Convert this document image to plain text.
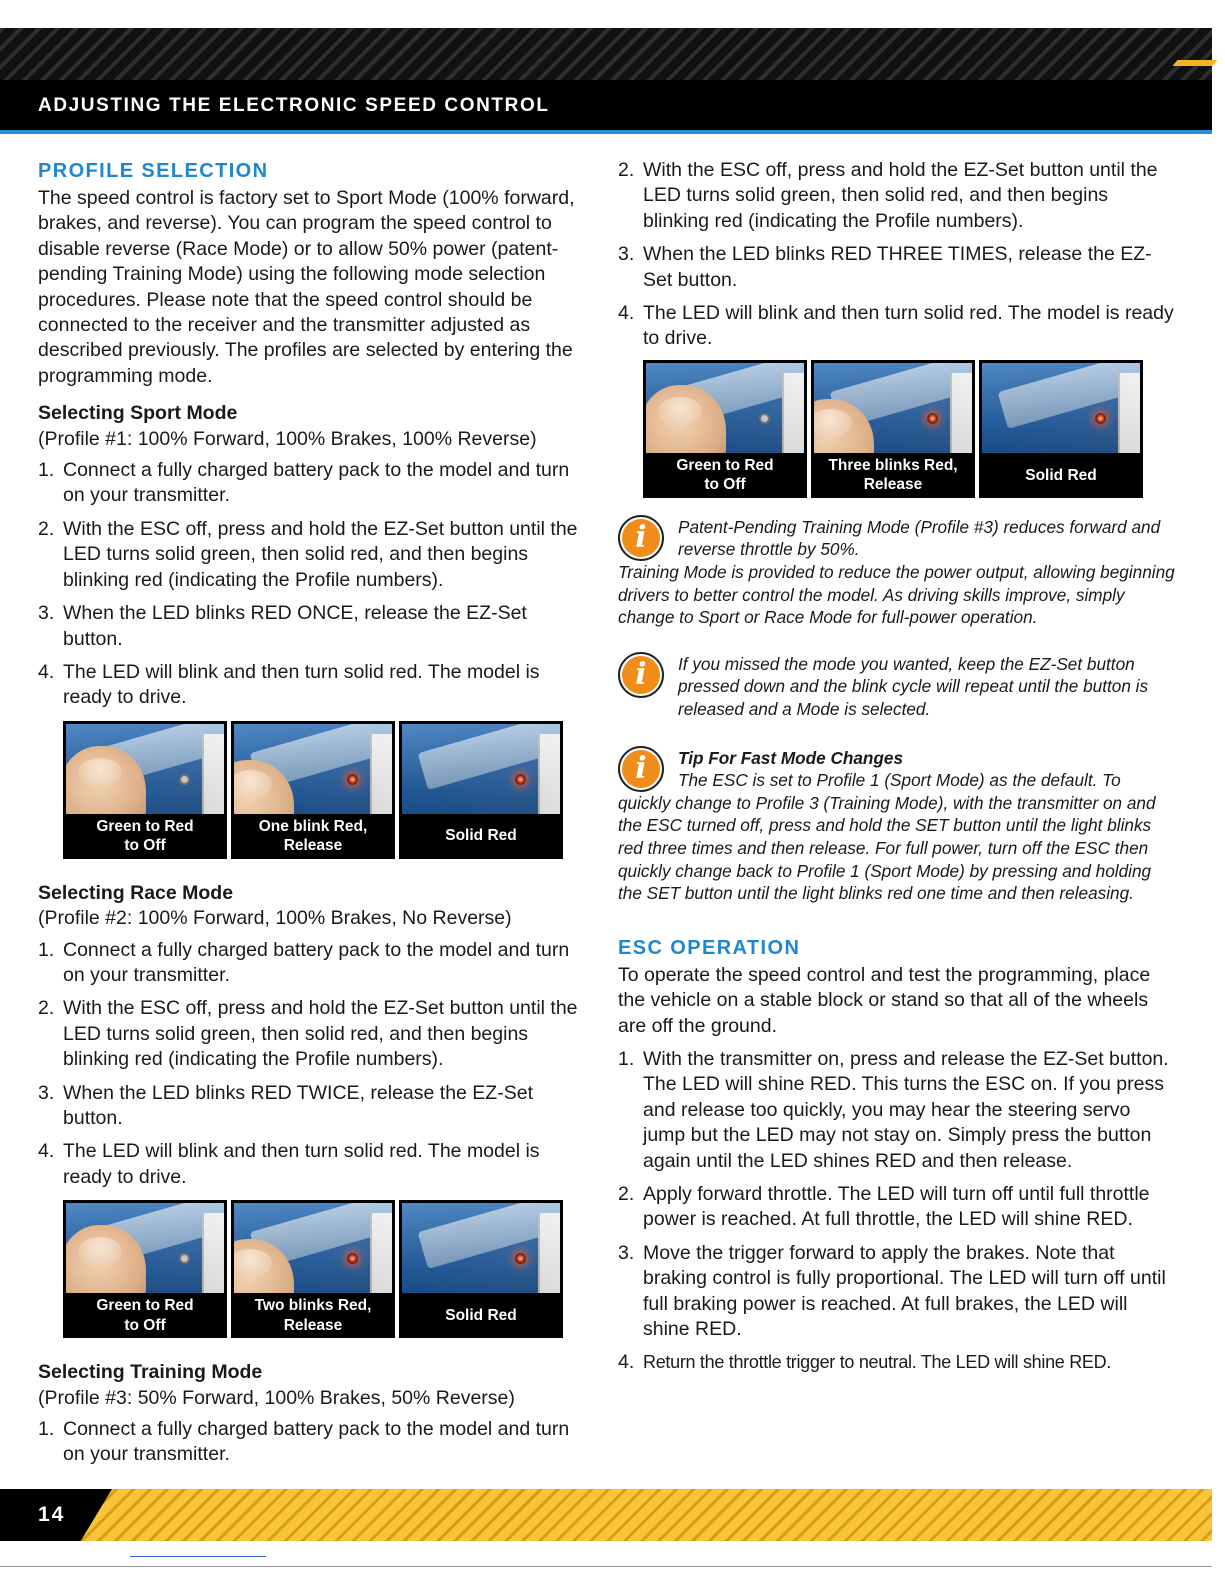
ADJUSTING THE ELECTRONIC SPEED CONTROL
PROFILE SELECTION

The speed control is factory set to Sport Mode (100% forward, brakes, and reverse). You can program the speed control to disable reverse (Race Mode) or to allow 50% power (patent-pending Training Mode) using the following mode selection procedures. Please note that the speed control should be connected to the receiver and the transmitter adjusted as described previously. The profiles are selected by entering the programming mode.

Selecting Sport Mode

(Profile #1: 100% Forward, 100% Brakes, 100% Reverse)

1. Connect a fully charged battery pack to the model and turn on your transmitter.
2. With the ESC off, press and hold the EZ-Set button until the LED turns solid green, then solid red, and then begins blinking red (indicating the Profile numbers).
3. When the LED blinks RED ONCE, release the EZ-Set button.
4. The LED will blink and then turn solid red. The model is ready to drive.
Green to Red
to Off
One blink Red,
Release
Solid Red
Selecting Race Mode

(Profile #2: 100% Forward, 100% Brakes, No Reverse)

1. Connect a fully charged battery pack to the model and turn on your transmitter.
2. With the ESC off, press and hold the EZ-Set button until the LED turns solid green, then solid red, and then begins blinking red (indicating the Profile numbers).
3. When the LED blinks RED TWICE, release the EZ-Set button.
4. The LED will blink and then turn solid red. The model is ready to drive.
Green to Red
to Off
Two blinks Red,
Release
Solid Red
Selecting Training Mode

(Profile #3: 50% Forward, 100% Brakes, 50% Reverse)

1. Connect a fully charged battery pack to the model and turn on your transmitter.
2. With the ESC off, press and hold the EZ-Set button until the LED turns solid green, then solid red, and then begins blinking red (indicating the Profile numbers).
3. When the LED blinks RED THREE TIMES, release the EZ-Set button.
4. The LED will blink and then turn solid red. The model is ready to drive.
Green to Red
to Off
Three blinks Red,
Release
Solid Red
i	Patent-Pending Training Mode (Profile #3) reduces forward and reverse throttle by 50%.
Training Mode is provided to reduce the power output, allowing beginning drivers to better control the model. As driving skills improve, simply change to Sport or Race Mode for full-power operation.
i	If you missed the mode you wanted, keep the EZ-Set button pressed down and the blink cycle will repeat until the button is released and a Mode is selected.
i	Tip For Fast Mode Changes
The ESC is set to Profile 1 (Sport Mode) as the default. To
quickly change to Profile 3 (Training Mode), with the transmitter on and the ESC turned off, press and hold the SET button until the light blinks red three times and then release. For full power, turn off the ESC then quickly change back to Profile 1 (Sport Mode) by pressing and holding the SET button until the light blinks red one time and then releasing.
ESC OPERATION

To operate the speed control and test the programming, place the vehicle on a stable block or stand so that all of the wheels are off the ground.

1. With the transmitter on, press and release the EZ-Set button. The LED will shine RED. This turns the ESC on. If you press and release too quickly, you may hear the steering servo jump but the LED may not stay on. Simply press the button again until the LED shines RED and then release.
2. Apply forward throttle. The LED will turn off until full throttle power is reached. At full throttle, the LED will shine RED.
3. Move the trigger forward to apply the brakes. Note that braking control is fully proportional. The LED will turn off until full braking power is reached. At full brakes, the LED will shine RED.
4. Return the throttle trigger to neutral. The LED will shine RED.
14
